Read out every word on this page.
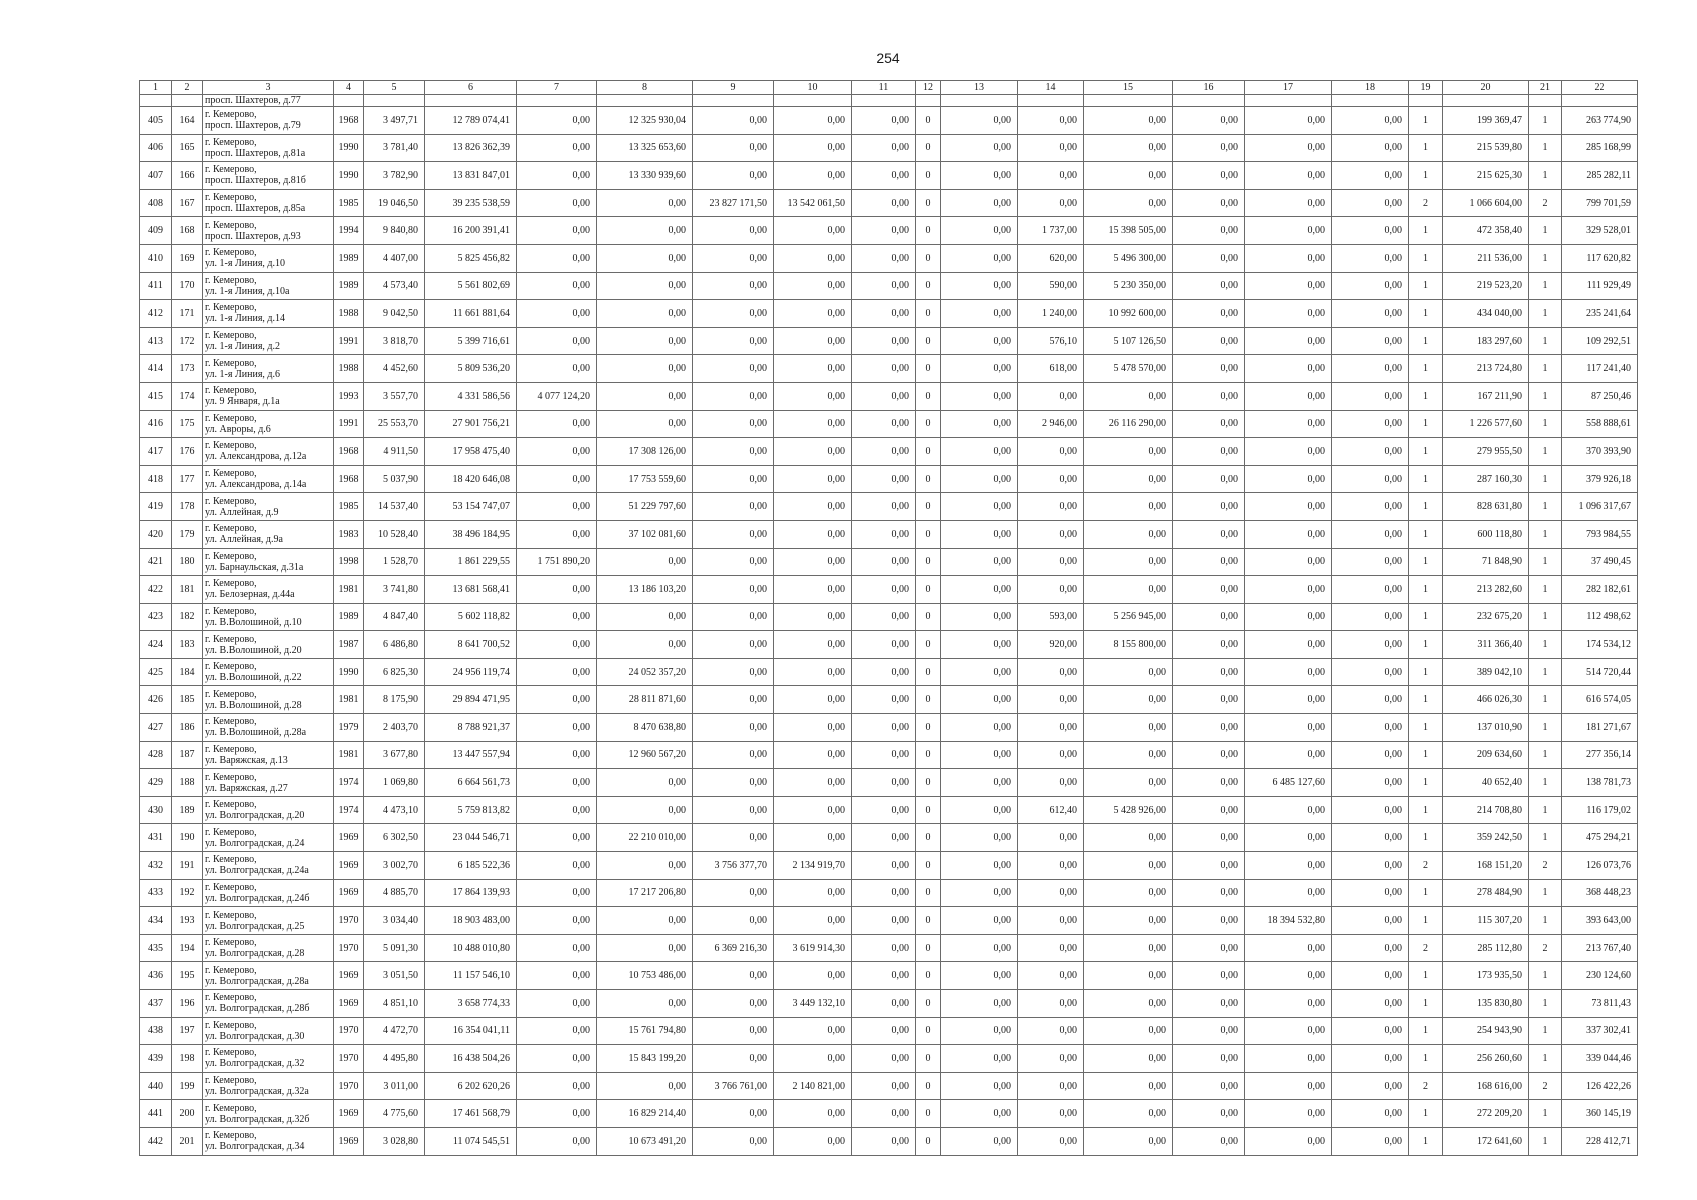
254
1	2	3	4	5	6	7	8	9	10	11	12	13	14	15	16	17	18	19	20	21	22
		просп. Шахтеров, д.77																			
405	164	г. Кемерово,
просп. Шахтеров, д.79	1968	3 497,71	12 789 074,41	0,00	12 325 930,04	0,00	0,00	0,00	0	0,00	0,00	0,00	0,00	0,00	0,00	1	199 369,47	1	263 774,90
406	165	г. Кемерово,
просп. Шахтеров, д.81а	1990	3 781,40	13 826 362,39	0,00	13 325 653,60	0,00	0,00	0,00	0	0,00	0,00	0,00	0,00	0,00	0,00	1	215 539,80	1	285 168,99
407	166	г. Кемерово,
просп. Шахтеров, д.81б	1990	3 782,90	13 831 847,01	0,00	13 330 939,60	0,00	0,00	0,00	0	0,00	0,00	0,00	0,00	0,00	0,00	1	215 625,30	1	285 282,11
408	167	г. Кемерово,
просп. Шахтеров, д.85а	1985	19 046,50	39 235 538,59	0,00	0,00	23 827 171,50	13 542 061,50	0,00	0	0,00	0,00	0,00	0,00	0,00	0,00	2	1 066 604,00	2	799 701,59
409	168	г. Кемерово,
просп. Шахтеров, д.93	1994	9 840,80	16 200 391,41	0,00	0,00	0,00	0,00	0,00	0	0,00	1 737,00	15 398 505,00	0,00	0,00	0,00	1	472 358,40	1	329 528,01
410	169	г. Кемерово,
ул. 1-я Линия, д.10	1989	4 407,00	5 825 456,82	0,00	0,00	0,00	0,00	0,00	0	0,00	620,00	5 496 300,00	0,00	0,00	0,00	1	211 536,00	1	117 620,82
411	170	г. Кемерово,
ул. 1-я Линия, д.10а	1989	4 573,40	5 561 802,69	0,00	0,00	0,00	0,00	0,00	0	0,00	590,00	5 230 350,00	0,00	0,00	0,00	1	219 523,20	1	111 929,49
412	171	г. Кемерово,
ул. 1-я Линия, д.14	1988	9 042,50	11 661 881,64	0,00	0,00	0,00	0,00	0,00	0	0,00	1 240,00	10 992 600,00	0,00	0,00	0,00	1	434 040,00	1	235 241,64
413	172	г. Кемерово,
ул. 1-я Линия, д.2	1991	3 818,70	5 399 716,61	0,00	0,00	0,00	0,00	0,00	0	0,00	576,10	5 107 126,50	0,00	0,00	0,00	1	183 297,60	1	109 292,51
414	173	г. Кемерово,
ул. 1-я Линия, д.6	1988	4 452,60	5 809 536,20	0,00	0,00	0,00	0,00	0,00	0	0,00	618,00	5 478 570,00	0,00	0,00	0,00	1	213 724,80	1	117 241,40
415	174	г. Кемерово,
ул. 9 Января, д.1а	1993	3 557,70	4 331 586,56	4 077 124,20	0,00	0,00	0,00	0,00	0	0,00	0,00	0,00	0,00	0,00	0,00	1	167 211,90	1	87 250,46
416	175	г. Кемерово,
ул. Авроры, д.6	1991	25 553,70	27 901 756,21	0,00	0,00	0,00	0,00	0,00	0	0,00	2 946,00	26 116 290,00	0,00	0,00	0,00	1	1 226 577,60	1	558 888,61
417	176	г. Кемерово,
ул. Александрова, д.12а	1968	4 911,50	17 958 475,40	0,00	17 308 126,00	0,00	0,00	0,00	0	0,00	0,00	0,00	0,00	0,00	0,00	1	279 955,50	1	370 393,90
418	177	г. Кемерово,
ул. Александрова, д.14а	1968	5 037,90	18 420 646,08	0,00	17 753 559,60	0,00	0,00	0,00	0	0,00	0,00	0,00	0,00	0,00	0,00	1	287 160,30	1	379 926,18
419	178	г. Кемерово,
ул. Аллейная, д.9	1985	14 537,40	53 154 747,07	0,00	51 229 797,60	0,00	0,00	0,00	0	0,00	0,00	0,00	0,00	0,00	0,00	1	828 631,80	1	1 096 317,67
420	179	г. Кемерово,
ул. Аллейная, д.9а	1983	10 528,40	38 496 184,95	0,00	37 102 081,60	0,00	0,00	0,00	0	0,00	0,00	0,00	0,00	0,00	0,00	1	600 118,80	1	793 984,55
421	180	г. Кемерово,
ул. Барнаульская, д.31а	1998	1 528,70	1 861 229,55	1 751 890,20	0,00	0,00	0,00	0,00	0	0,00	0,00	0,00	0,00	0,00	0,00	1	71 848,90	1	37 490,45
422	181	г. Кемерово,
ул. Белозерная, д.44а	1981	3 741,80	13 681 568,41	0,00	13 186 103,20	0,00	0,00	0,00	0	0,00	0,00	0,00	0,00	0,00	0,00	1	213 282,60	1	282 182,61
423	182	г. Кемерово,
ул. В.Волошиной, д.10	1989	4 847,40	5 602 118,82	0,00	0,00	0,00	0,00	0,00	0	0,00	593,00	5 256 945,00	0,00	0,00	0,00	1	232 675,20	1	112 498,62
424	183	г. Кемерово,
ул. В.Волошиной, д.20	1987	6 486,80	8 641 700,52	0,00	0,00	0,00	0,00	0,00	0	0,00	920,00	8 155 800,00	0,00	0,00	0,00	1	311 366,40	1	174 534,12
425	184	г. Кемерово,
ул. В.Волошиной, д.22	1990	6 825,30	24 956 119,74	0,00	24 052 357,20	0,00	0,00	0,00	0	0,00	0,00	0,00	0,00	0,00	0,00	1	389 042,10	1	514 720,44
426	185	г. Кемерово,
ул. В.Волошиной, д.28	1981	8 175,90	29 894 471,95	0,00	28 811 871,60	0,00	0,00	0,00	0	0,00	0,00	0,00	0,00	0,00	0,00	1	466 026,30	1	616 574,05
427	186	г. Кемерово,
ул. В.Волошиной, д.28а	1979	2 403,70	8 788 921,37	0,00	8 470 638,80	0,00	0,00	0,00	0	0,00	0,00	0,00	0,00	0,00	0,00	1	137 010,90	1	181 271,67
428	187	г. Кемерово,
ул. Варяжская, д.13	1981	3 677,80	13 447 557,94	0,00	12 960 567,20	0,00	0,00	0,00	0	0,00	0,00	0,00	0,00	0,00	0,00	1	209 634,60	1	277 356,14
429	188	г. Кемерово,
ул. Варяжская, д.27	1974	1 069,80	6 664 561,73	0,00	0,00	0,00	0,00	0,00	0	0,00	0,00	0,00	0,00	6 485 127,60	0,00	1	40 652,40	1	138 781,73
430	189	г. Кемерово,
ул. Волгоградская, д.20	1974	4 473,10	5 759 813,82	0,00	0,00	0,00	0,00	0,00	0	0,00	612,40	5 428 926,00	0,00	0,00	0,00	1	214 708,80	1	116 179,02
431	190	г. Кемерово,
ул. Волгоградская, д.24	1969	6 302,50	23 044 546,71	0,00	22 210 010,00	0,00	0,00	0,00	0	0,00	0,00	0,00	0,00	0,00	0,00	1	359 242,50	1	475 294,21
432	191	г. Кемерово,
ул. Волгоградская, д.24а	1969	3 002,70	6 185 522,36	0,00	0,00	3 756 377,70	2 134 919,70	0,00	0	0,00	0,00	0,00	0,00	0,00	0,00	2	168 151,20	2	126 073,76
433	192	г. Кемерово,
ул. Волгоградская, д.24б	1969	4 885,70	17 864 139,93	0,00	17 217 206,80	0,00	0,00	0,00	0	0,00	0,00	0,00	0,00	0,00	0,00	1	278 484,90	1	368 448,23
434	193	г. Кемерово,
ул. Волгоградская, д.25	1970	3 034,40	18 903 483,00	0,00	0,00	0,00	0,00	0,00	0	0,00	0,00	0,00	0,00	18 394 532,80	0,00	1	115 307,20	1	393 643,00
435	194	г. Кемерово,
ул. Волгоградская, д.28	1970	5 091,30	10 488 010,80	0,00	0,00	6 369 216,30	3 619 914,30	0,00	0	0,00	0,00	0,00	0,00	0,00	0,00	2	285 112,80	2	213 767,40
436	195	г. Кемерово,
ул. Волгоградская, д.28а	1969	3 051,50	11 157 546,10	0,00	10 753 486,00	0,00	0,00	0,00	0	0,00	0,00	0,00	0,00	0,00	0,00	1	173 935,50	1	230 124,60
437	196	г. Кемерово,
ул. Волгоградская, д.28б	1969	4 851,10	3 658 774,33	0,00	0,00	0,00	3 449 132,10	0,00	0	0,00	0,00	0,00	0,00	0,00	0,00	1	135 830,80	1	73 811,43
438	197	г. Кемерово,
ул. Волгоградская, д.30	1970	4 472,70	16 354 041,11	0,00	15 761 794,80	0,00	0,00	0,00	0	0,00	0,00	0,00	0,00	0,00	0,00	1	254 943,90	1	337 302,41
439	198	г. Кемерово,
ул. Волгоградская, д.32	1970	4 495,80	16 438 504,26	0,00	15 843 199,20	0,00	0,00	0,00	0	0,00	0,00	0,00	0,00	0,00	0,00	1	256 260,60	1	339 044,46
440	199	г. Кемерово,
ул. Волгоградская, д.32а	1970	3 011,00	6 202 620,26	0,00	0,00	3 766 761,00	2 140 821,00	0,00	0	0,00	0,00	0,00	0,00	0,00	0,00	2	168 616,00	2	126 422,26
441	200	г. Кемерово,
ул. Волгоградская, д.32б	1969	4 775,60	17 461 568,79	0,00	16 829 214,40	0,00	0,00	0,00	0	0,00	0,00	0,00	0,00	0,00	0,00	1	272 209,20	1	360 145,19
442	201	г. Кемерово,
ул. Волгоградская, д.34	1969	3 028,80	11 074 545,51	0,00	10 673 491,20	0,00	0,00	0,00	0	0,00	0,00	0,00	0,00	0,00	0,00	1	172 641,60	1	228 412,71
